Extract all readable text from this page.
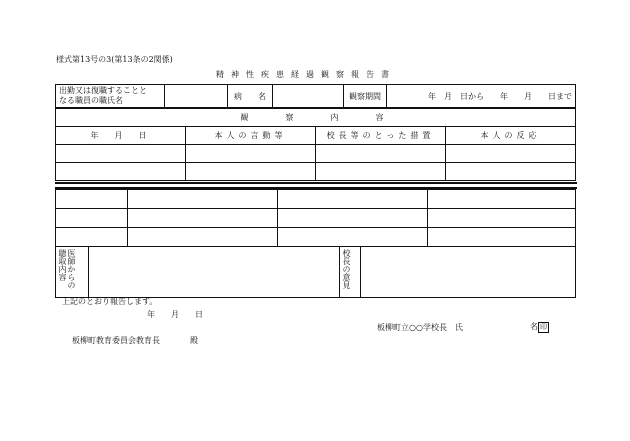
様式第13号の3(第13条の2関係)
精神性疾患経過観察報告書
出勤又は復職することと
なる職員の職氏名		病　　名		観察期間	年　月　日から　　年　　月　　日まで
観　　察　　内　　容			
年　月　日	本人の言動等	校長等のとった措置	本人の反応

医師からの聴取内容		校長の意見

上記のとおり報告します。
年　　月　　日
板柳町立○○学校長　氏	名 印
板柳町教育委員会教育長	殿
